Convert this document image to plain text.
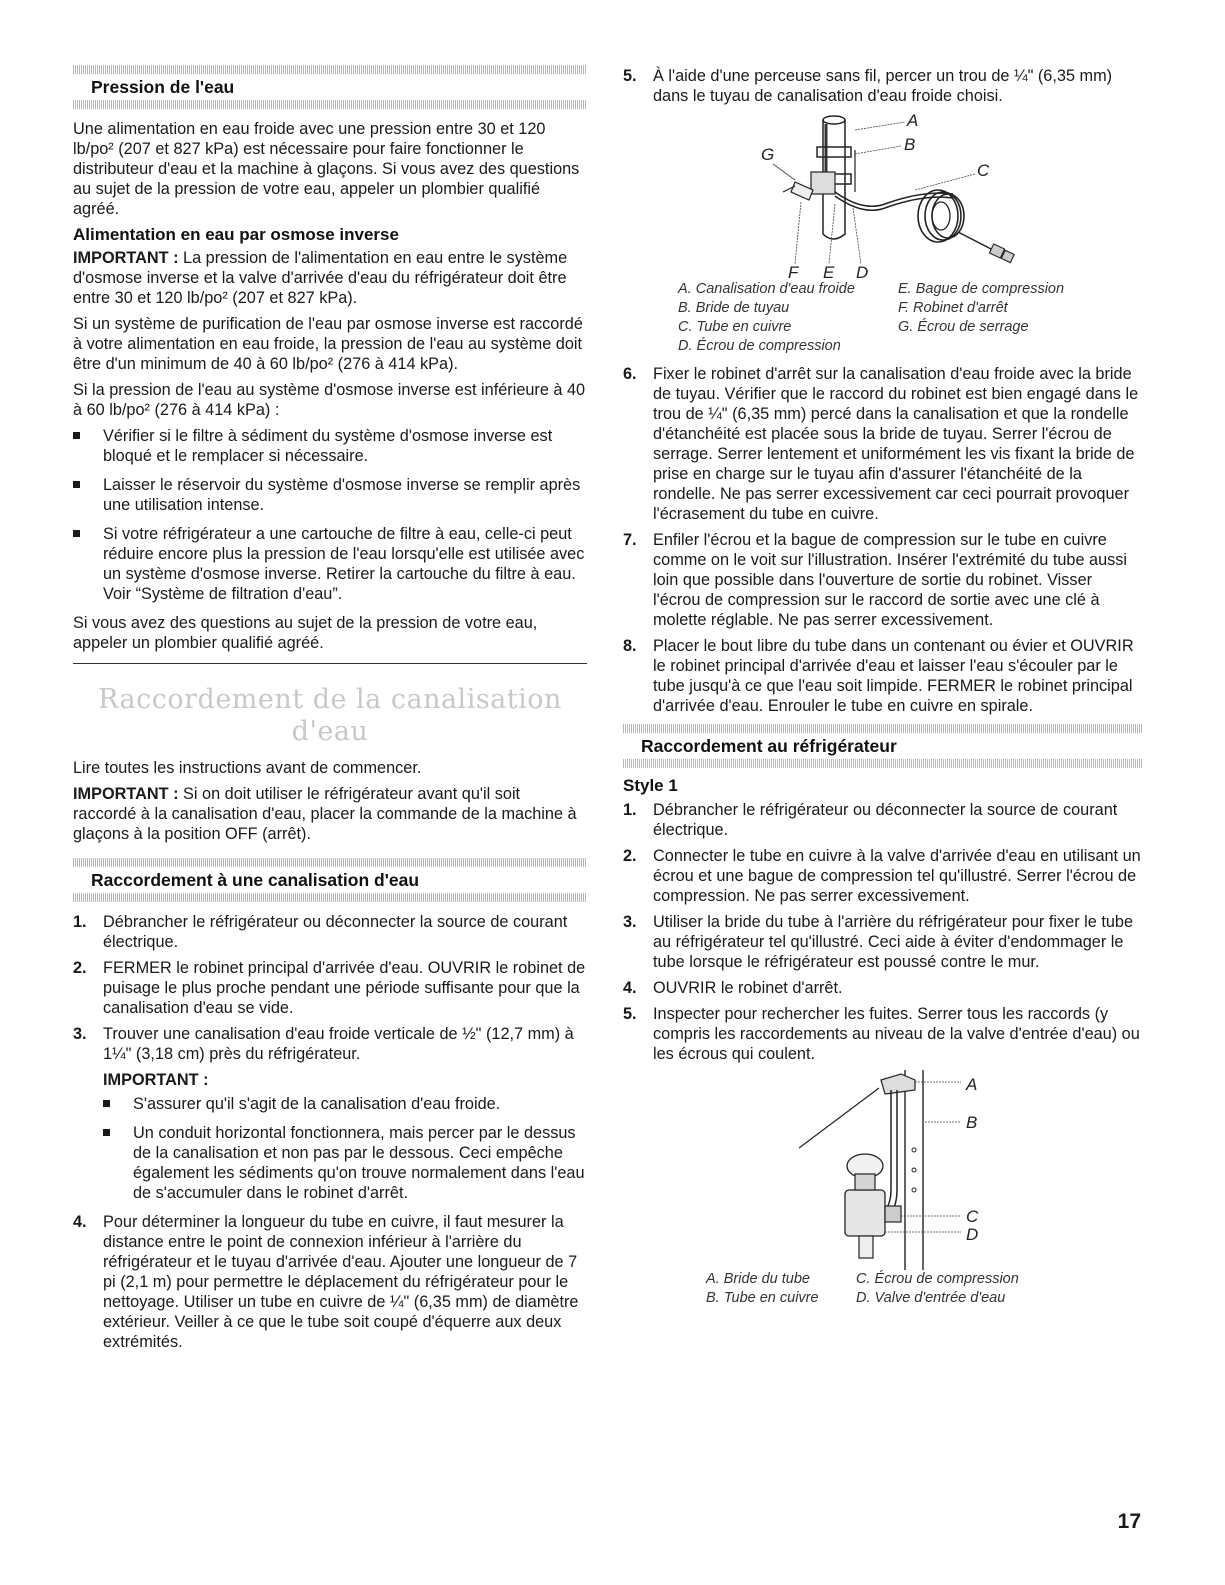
Pression de l'eau

Une alimentation en eau froide avec une pression entre 30 et 120 lb/po² (207 et 827 kPa) est nécessaire pour faire fonctionner le distributeur d'eau et la machine à glaçons. Si vous avez des questions au sujet de la pression de votre eau, appeler un plombier qualifié agréé.

Alimentation en eau par osmose inverse

IMPORTANT : La pression de l'alimentation en eau entre le système d'osmose inverse et la valve d'arrivée d'eau du réfrigérateur doit être entre 30 et 120 lb/po² (207 et 827 kPa).

Si un système de purification de l'eau par osmose inverse est raccordé à votre alimentation en eau froide, la pression de l'eau au système doit être d'un minimum de 40 à 60 lb/po² (276 à 414 kPa).

Si la pression de l'eau au système d'osmose inverse est inférieure à 40 à 60 lb/po² (276 à 414 kPa) :

Vérifier si le filtre à sédiment du système d'osmose inverse est bloqué et le remplacer si nécessaire.
Laisser le réservoir du système d'osmose inverse se remplir après une utilisation intense.
Si votre réfrigérateur a une cartouche de filtre à eau, celle-ci peut réduire encore plus la pression de l'eau lorsqu'elle est utilisée avec un système d'osmose inverse. Retirer la cartouche du filtre à eau. Voir “Système de filtration d'eau”.

Si vous avez des questions au sujet de la pression de votre eau, appeler un plombier qualifié agréé.

Raccordement de la canalisation d'eau

Lire toutes les instructions avant de commencer.

IMPORTANT : Si on doit utiliser le réfrigérateur avant qu'il soit raccordé à la canalisation d'eau, placer la commande de la machine à glaçons à la position OFF (arrêt).

Raccordement à une canalisation d'eau
1. Débrancher le réfrigérateur ou déconnecter la source de courant électrique.
2. FERMER le robinet principal d'arrivée d'eau. OUVRIR le robinet de puisage le plus proche pendant une période suffisante pour que la canalisation d'eau se vide.
3. Trouver une canalisation d'eau froide verticale de ½" (12,7 mm) à 1¼" (3,18 cm) près du réfrigérateur.
IMPORTANT :
S'assurer qu'il s'agit de la canalisation d'eau froide.
Un conduit horizontal fonctionnera, mais percer par le dessus de la canalisation et non pas par le dessous. Ceci empêche également les sédiments qu'on trouve normalement dans l'eau de s'accumuler dans le robinet d'arrêt.
4. Pour déterminer la longueur du tube en cuivre, il faut mesurer la distance entre le point de connexion inférieur à l'arrière du réfrigérateur et le tuyau d'arrivée d'eau. Ajouter une longueur de 7 pi (2,1 m) pour permettre le déplacement du réfrigérateur pour le nettoyage. Utiliser un tube en cuivre de ¼" (6,35 mm) de diamètre extérieur. Veiller à ce que le tube soit coupé d'équerre aux deux extrémités.
5. À l'aide d'une perceuse sans fil, percer un trou de ¼" (6,35 mm) dans le tuyau de canalisation d'eau froide choisi.
A
B
C
G
F E D
A. Canalisation d'eau froide
B. Bride de tuyau
C. Tube en cuivre
D. Écrou de compression
E. Bague de compression
F. Robinet d'arrêt
G. Écrou de serrage
6. Fixer le robinet d'arrêt sur la canalisation d'eau froide avec la bride de tuyau. Vérifier que le raccord du robinet est bien engagé dans le trou de ¼" (6,35 mm) percé dans la canalisation et que la rondelle d'étanchéité est placée sous la bride de tuyau. Serrer l'écrou de serrage. Serrer lentement et uniformément les vis fixant la bride de prise en charge sur le tuyau afin d'assurer l'étanchéité de la rondelle. Ne pas serrer excessivement car ceci pourrait provoquer l'écrasement du tube en cuivre.
7. Enfiler l'écrou et la bague de compression sur le tube en cuivre comme on le voit sur l'illustration. Insérer l'extrémité du tube aussi loin que possible dans l'ouverture de sortie du robinet. Visser l'écrou de compression sur le raccord de sortie avec une clé à molette réglable. Ne pas serrer excessivement.
8. Placer le bout libre du tube dans un contenant ou évier et OUVRIR le robinet principal d'arrivée d'eau et laisser l'eau s'écouler par le tube jusqu'à ce que l'eau soit limpide. FERMER le robinet principal d'arrivée d'eau. Enrouler le tube en cuivre en spirale.
Raccordement au réfrigérateur
Style 1
1. Débrancher le réfrigérateur ou déconnecter la source de courant électrique.
2. Connecter le tube en cuivre à la valve d'arrivée d'eau en utilisant un écrou et une bague de compression tel qu'illustré. Serrer l'écrou de compression. Ne pas serrer excessivement.
3. Utiliser la bride du tube à l'arrière du réfrigérateur pour fixer le tube au réfrigérateur tel qu'illustré. Ceci aide à éviter d'endommager le tube lorsque le réfrigérateur est poussé contre le mur.
4. OUVRIR le robinet d'arrêt.
5. Inspecter pour rechercher les fuites. Serrer tous les raccords (y compris les raccordements au niveau de la valve d'entrée d'eau) ou les écrous qui coulent.
A
B
C
D
A. Bride du tube
B. Tube en cuivre
C. Écrou de compression
D. Valve d'entrée d'eau
17
